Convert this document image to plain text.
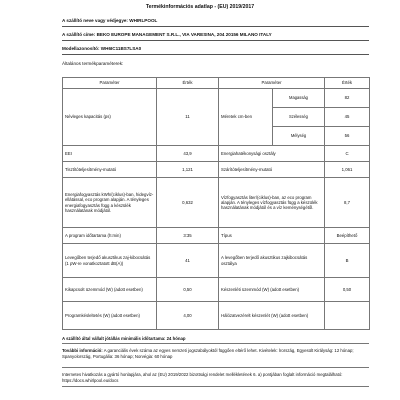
Termékinformációs adatlap - (EU) 2019/2017
A szállító neve vagy védjegye: WHIRLPOOL
A szállító címe: BEKO EUROPE MANAGEMENT S.R.L., VIA VARESINA, 204 20156 MILANO ITALY
Modellazonosító: WH6IC11BS7LSA0
Általános termékparaméterek:
Paraméter	Érték	Paraméter		Érték
Névleges kapacitás (ps)	11	Méretek cm-ben	Magasság	82
			Szélesség	45
			Mélység	56
EEI	43,9	Energiahatékonysági osztály		C
Tisztítóteljesítmény-mutató	1,121	Szárítóteljesítmény-mutató		1,061
Energiafogyasztás kWh/(ciklus)-ban, hidegvíz-ellátással, eco program alapján. A tényleges energiafogyasztás függ a készülék használatának módjától.	0,632	Vízfogyasztás liter/(ciklus)-ban, az eco program alapján. A tényleges vízfogyasztás függ a készülék használatának módjától és a víz keménységétől.		8,7
A program időtartama (h:min)	3:35	Típus		Beépíthető
Levegőben terjedő akusztikus zaj-kibocsátás (1 pW-re vonatkoztatott dB(A))	41	A levegőben terjedő akusztikus zajkibocsátás osztálya		B
Kikapcsolt üzemmód (W) (adott esetben)	0,50	Készenléti üzemmód (W) (adott esetben)		0,50
Programkésleltetés (W) (adott esetben)	4,00	Hálózatvezérelt készenlét (W) (adott esetben)		
A szállító által vállalt jótállás minimális időtartama: 24 hónap
További információ: A garanciális évek száma az egyes nemzeti jogszabályoktól függően eltérő lehet. Kivételek: Írország, Egyesült Királyság: 12 hónap; Spanyolország, Portugália: 36 hónap; Norvégia: 60 hónap
Internetes hivatkozás a gyártó honlapjára, ahol az (EU) 2019/2022 bizottsági rendelet mellékletének 6. a) pontjában foglalt információ megtalálható: https://docs.whirlpool.eu/docs
